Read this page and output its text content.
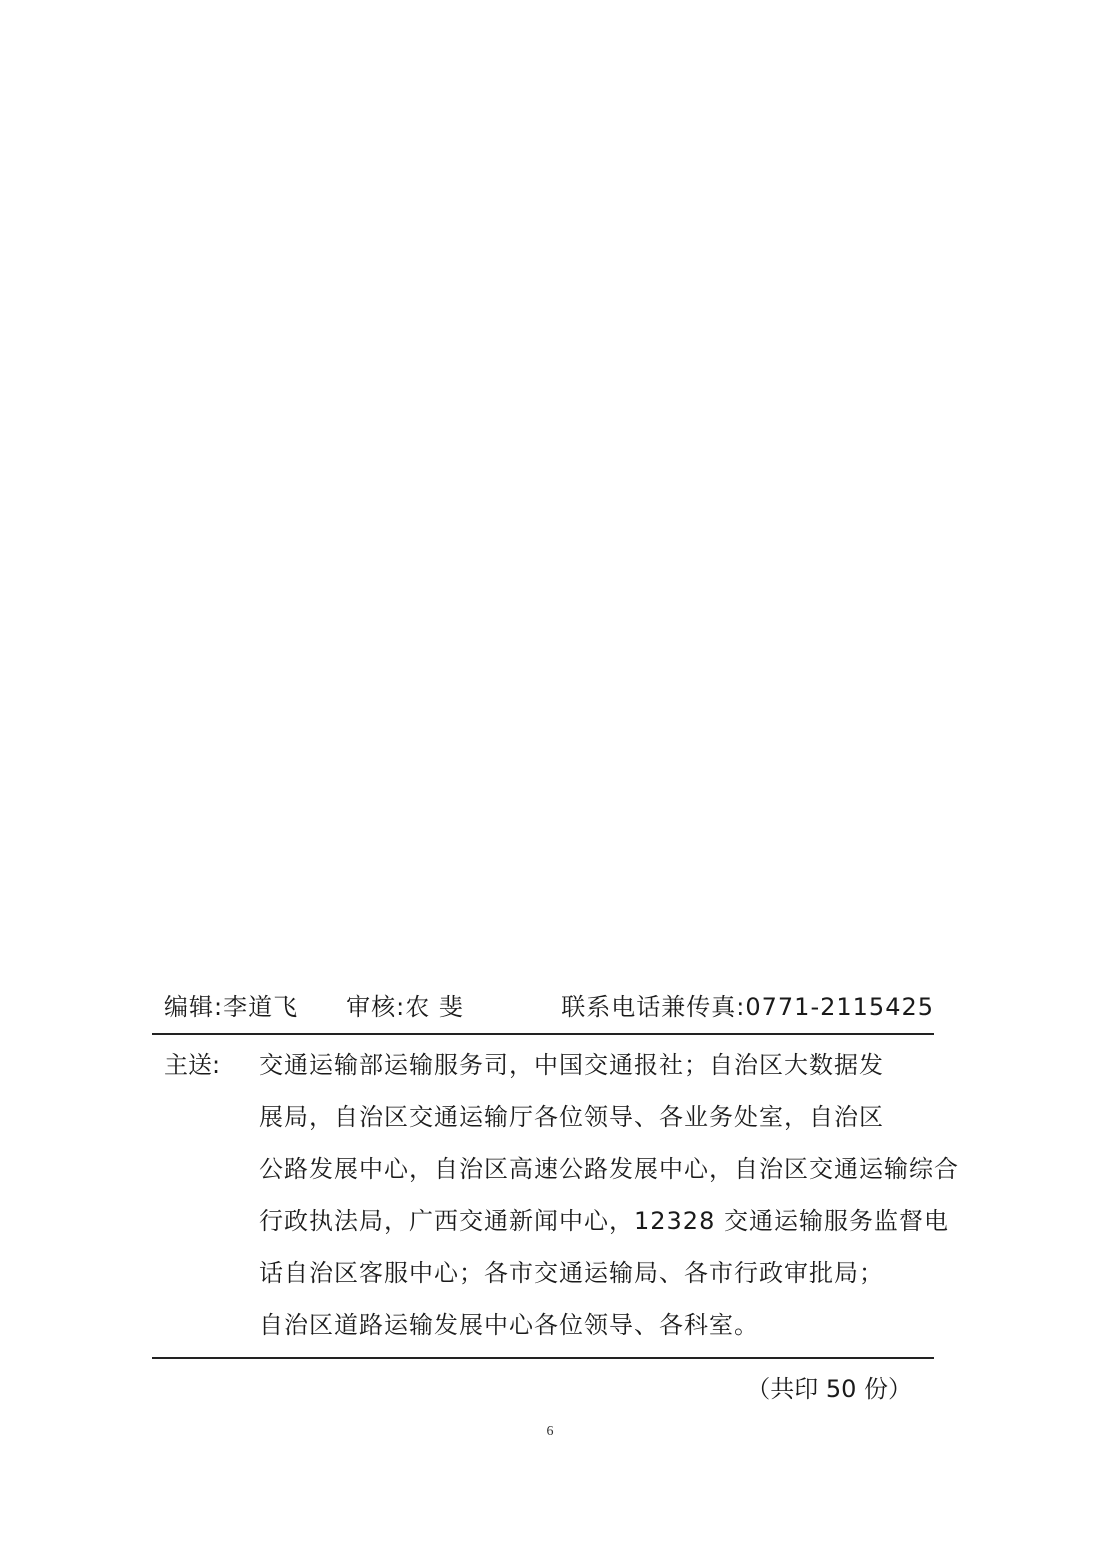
编辑: 李道飞 审核: 农 斐	联系电话兼传真: 0771-2115425
主送:	交通运输部运输服务司，中国交通报社；自治区大数据发
展局，自治区交通运输厅各位领导、各业务处室，自治区
公路发展中心，自治区高速公路发展中心，自治区交通运输综合
行政执法局，广西交通新闻中心，12328 交通运输服务监督电
话自治区客服中心；各市交通运输局、各市行政审批局；
自治区道路运输发展中心各位领导、各科室。
（共印 50 份）
6
